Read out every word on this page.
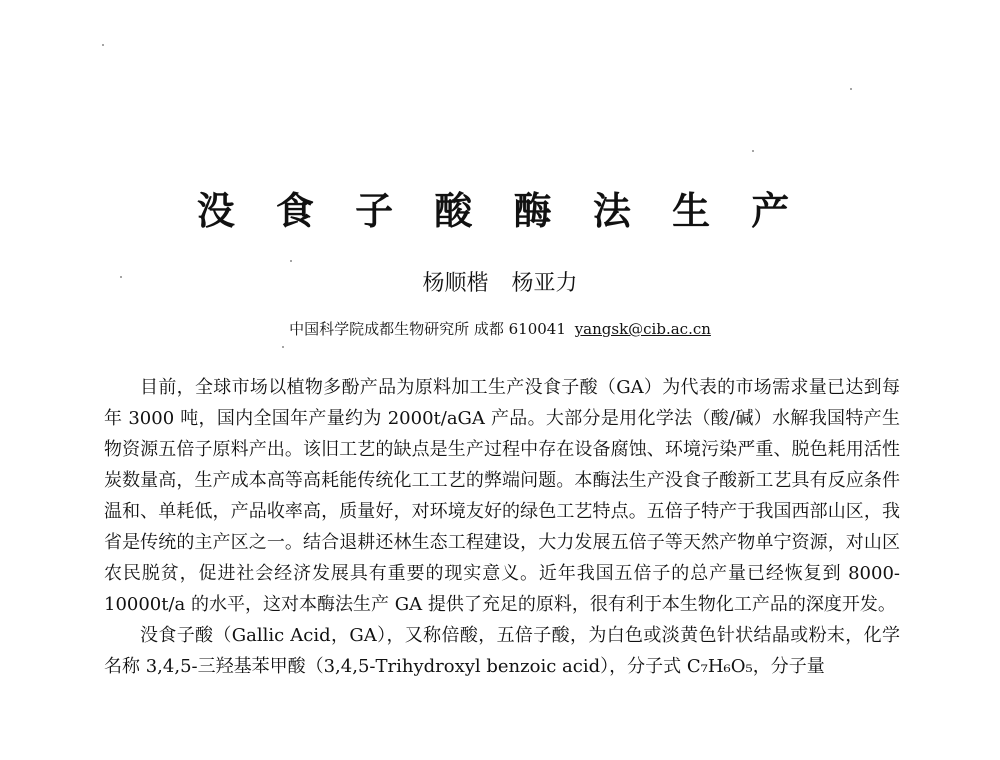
没 食 子 酸 酶 法 生 产

杨顺楷 杨亚力

中国科学院成都生物研究所 成都 610041 yangsk@cib.ac.cn

目前，全球市场以植物多酚产品为原料加工生产没食子酸（GA）为代表的市场需求量已达到每年 3000 吨，国内全国年产量约为 2000t/aGA 产品。大部分是用化学法（酸/碱）水解我国特产生物资源五倍子原料产出。该旧工艺的缺点是生产过程中存在设备腐蚀、环境污染严重、脱色耗用活性炭数量高，生产成本高等高耗能传统化工工艺的弊端问题。本酶法生产没食子酸新工艺具有反应条件温和、单耗低，产品收率高，质量好，对环境友好的绿色工艺特点。五倍子特产于我国西部山区，我省是传统的主产区之一。结合退耕还林生态工程建设，大力发展五倍子等天然产物单宁资源，对山区农民脱贫，促进社会经济发展具有重要的现实意义。近年我国五倍子的总产量已经恢复到 8000-10000t/a 的水平，这对本酶法生产 GA 提供了充足的原料，很有利于本生物化工产品的深度开发。

没食子酸（Gallic Acid，GA），又称倍酸，五倍子酸，为白色或淡黄色针状结晶或粉末，化学名称 3,4,5-三羟基苯甲酸（3,4,5-Trihydroxyl benzoic acid），分子式 C₇H₆O₅，分子量
